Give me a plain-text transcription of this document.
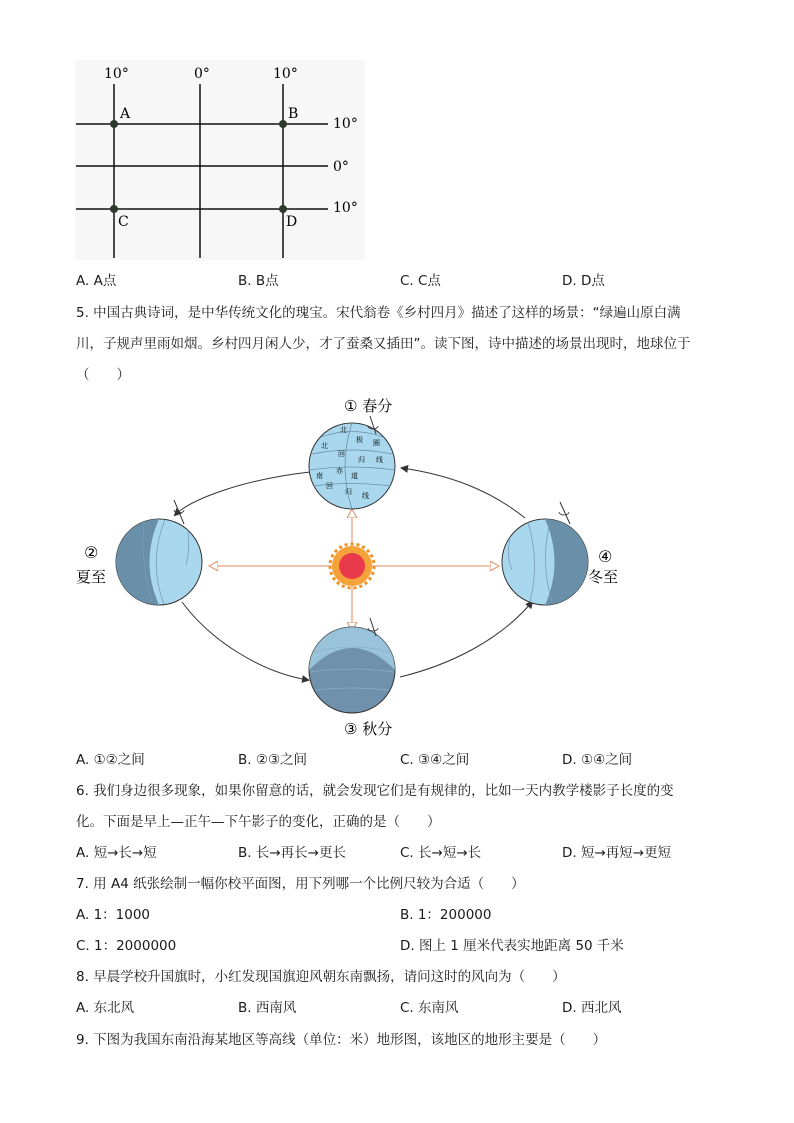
10°	0°	10°
10°
0°
10°
A	B
C	D
A. A点	B. B点	C. C点	D. D点
5. 中国古典诗词，是中华传统文化的瑰宝。宋代翁卷《乡村四月》描述了这样的场景：“绿遍山原白满
川，子规声里雨如烟。乡村四月闲人少，才了蚕桑又插田”。读下图，诗中描述的场景出现时，地球位于
（　　）
北
极 圈
北
回
归 线
赤
道
南
回
归 线
① 春分
②
夏至
③ 秋分
④
冬至
A. ①②之间	B. ②③之间	C. ③④之间	D. ①④之间
6. 我们身边很多现象，如果你留意的话，就会发现它们是有规律的，比如一天内教学楼影子长度的变
化。下面是早上—正午—下午影子的变化，正确的是（　　）
A. 短→长→短	B. 长→再长→更长	C. 长→短→长	D. 短→再短→更短
7. 用 A4 纸张绘制一幅你校平面图，用下列哪一个比例尺较为合适（　　）
A. 1：1000	B. 1：200000
C. 1：2000000	D. 图上 1 厘米代表实地距离 50 千米
8. 早晨学校升国旗时，小红发现国旗迎风朝东南飘扬，请问这时的风向为（　　）
A. 东北风	B. 西南风	C. 东南风	D. 西北风
9. 下图为我国东南沿海某地区等高线（单位：米）地形图，该地区的地形主要是（　　）
